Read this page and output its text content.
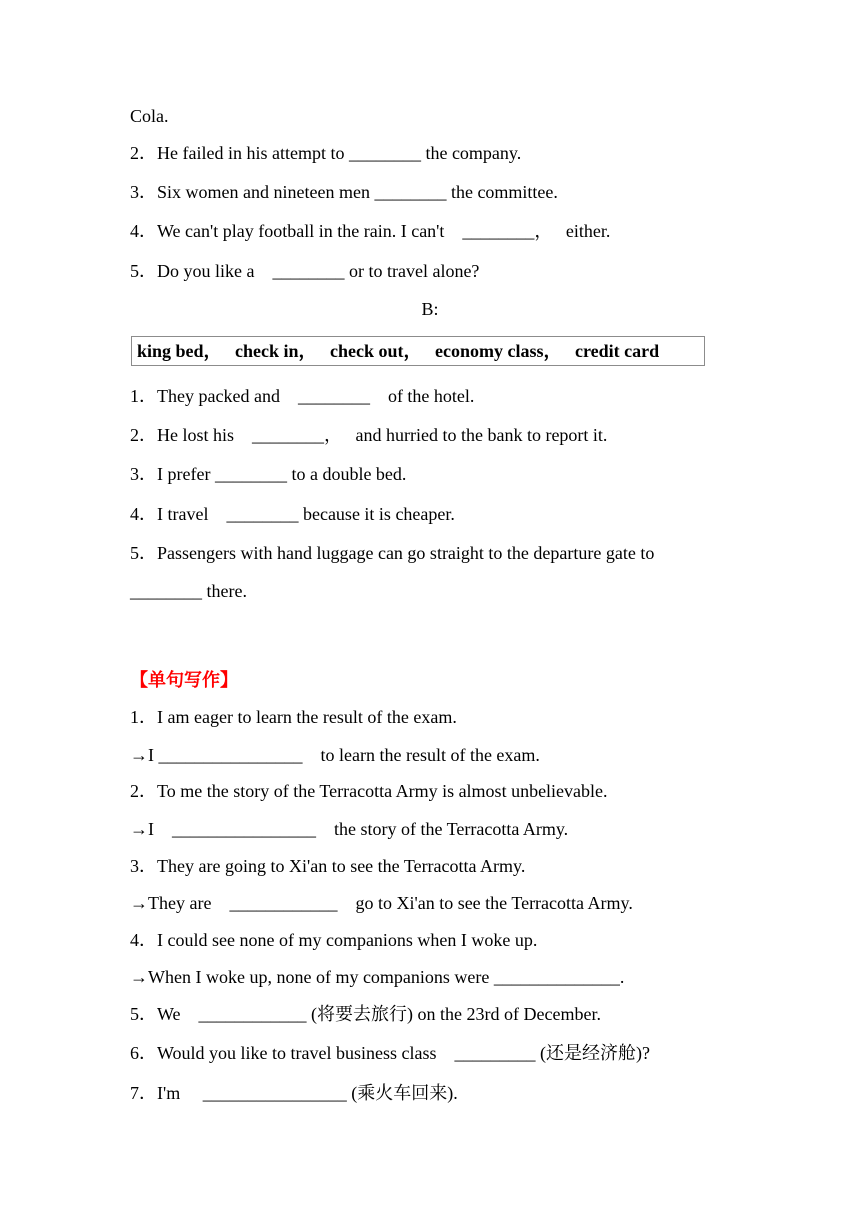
Cola.
2．He failed in his attempt to ________ the company.
3．Six women and nineteen men ________ the committee.
4．We can't play football in the rain. I can't    ________，   either.
5．Do you like a    ________ or to travel alone?
B:
king bed，   check in，   check out，   economy class，   credit card
1．They packed and    ________    of the hotel.
2．He lost his    ________，   and hurried to the bank to report it.
3．I prefer ________ to a double bed.
4．I travel    ________ because it is cheaper.
5．Passengers with hand luggage can go straight to the departure gate to
________ there.
【单句写作】
1．I am eager to learn the result of the exam.
→I ________________    to learn the result of the exam.
2．To me the story of the Terracotta Army is almost unbelievable.
→I    ________________    the story of the Terracotta Army.
3．They are going to Xi'an to see the Terracotta Army.
→They are    ____________    go to Xi'an to see the Terracotta Army.
4．I could see none of my companions when I woke up.
→When I woke up, none of my companions were ______________.
5．We    ____________ (将要去旅行) on the 23rd of December.
6．Would you like to travel business class    _________ (还是经济舱)?
7．I'm     ________________ (乘火车回来).
